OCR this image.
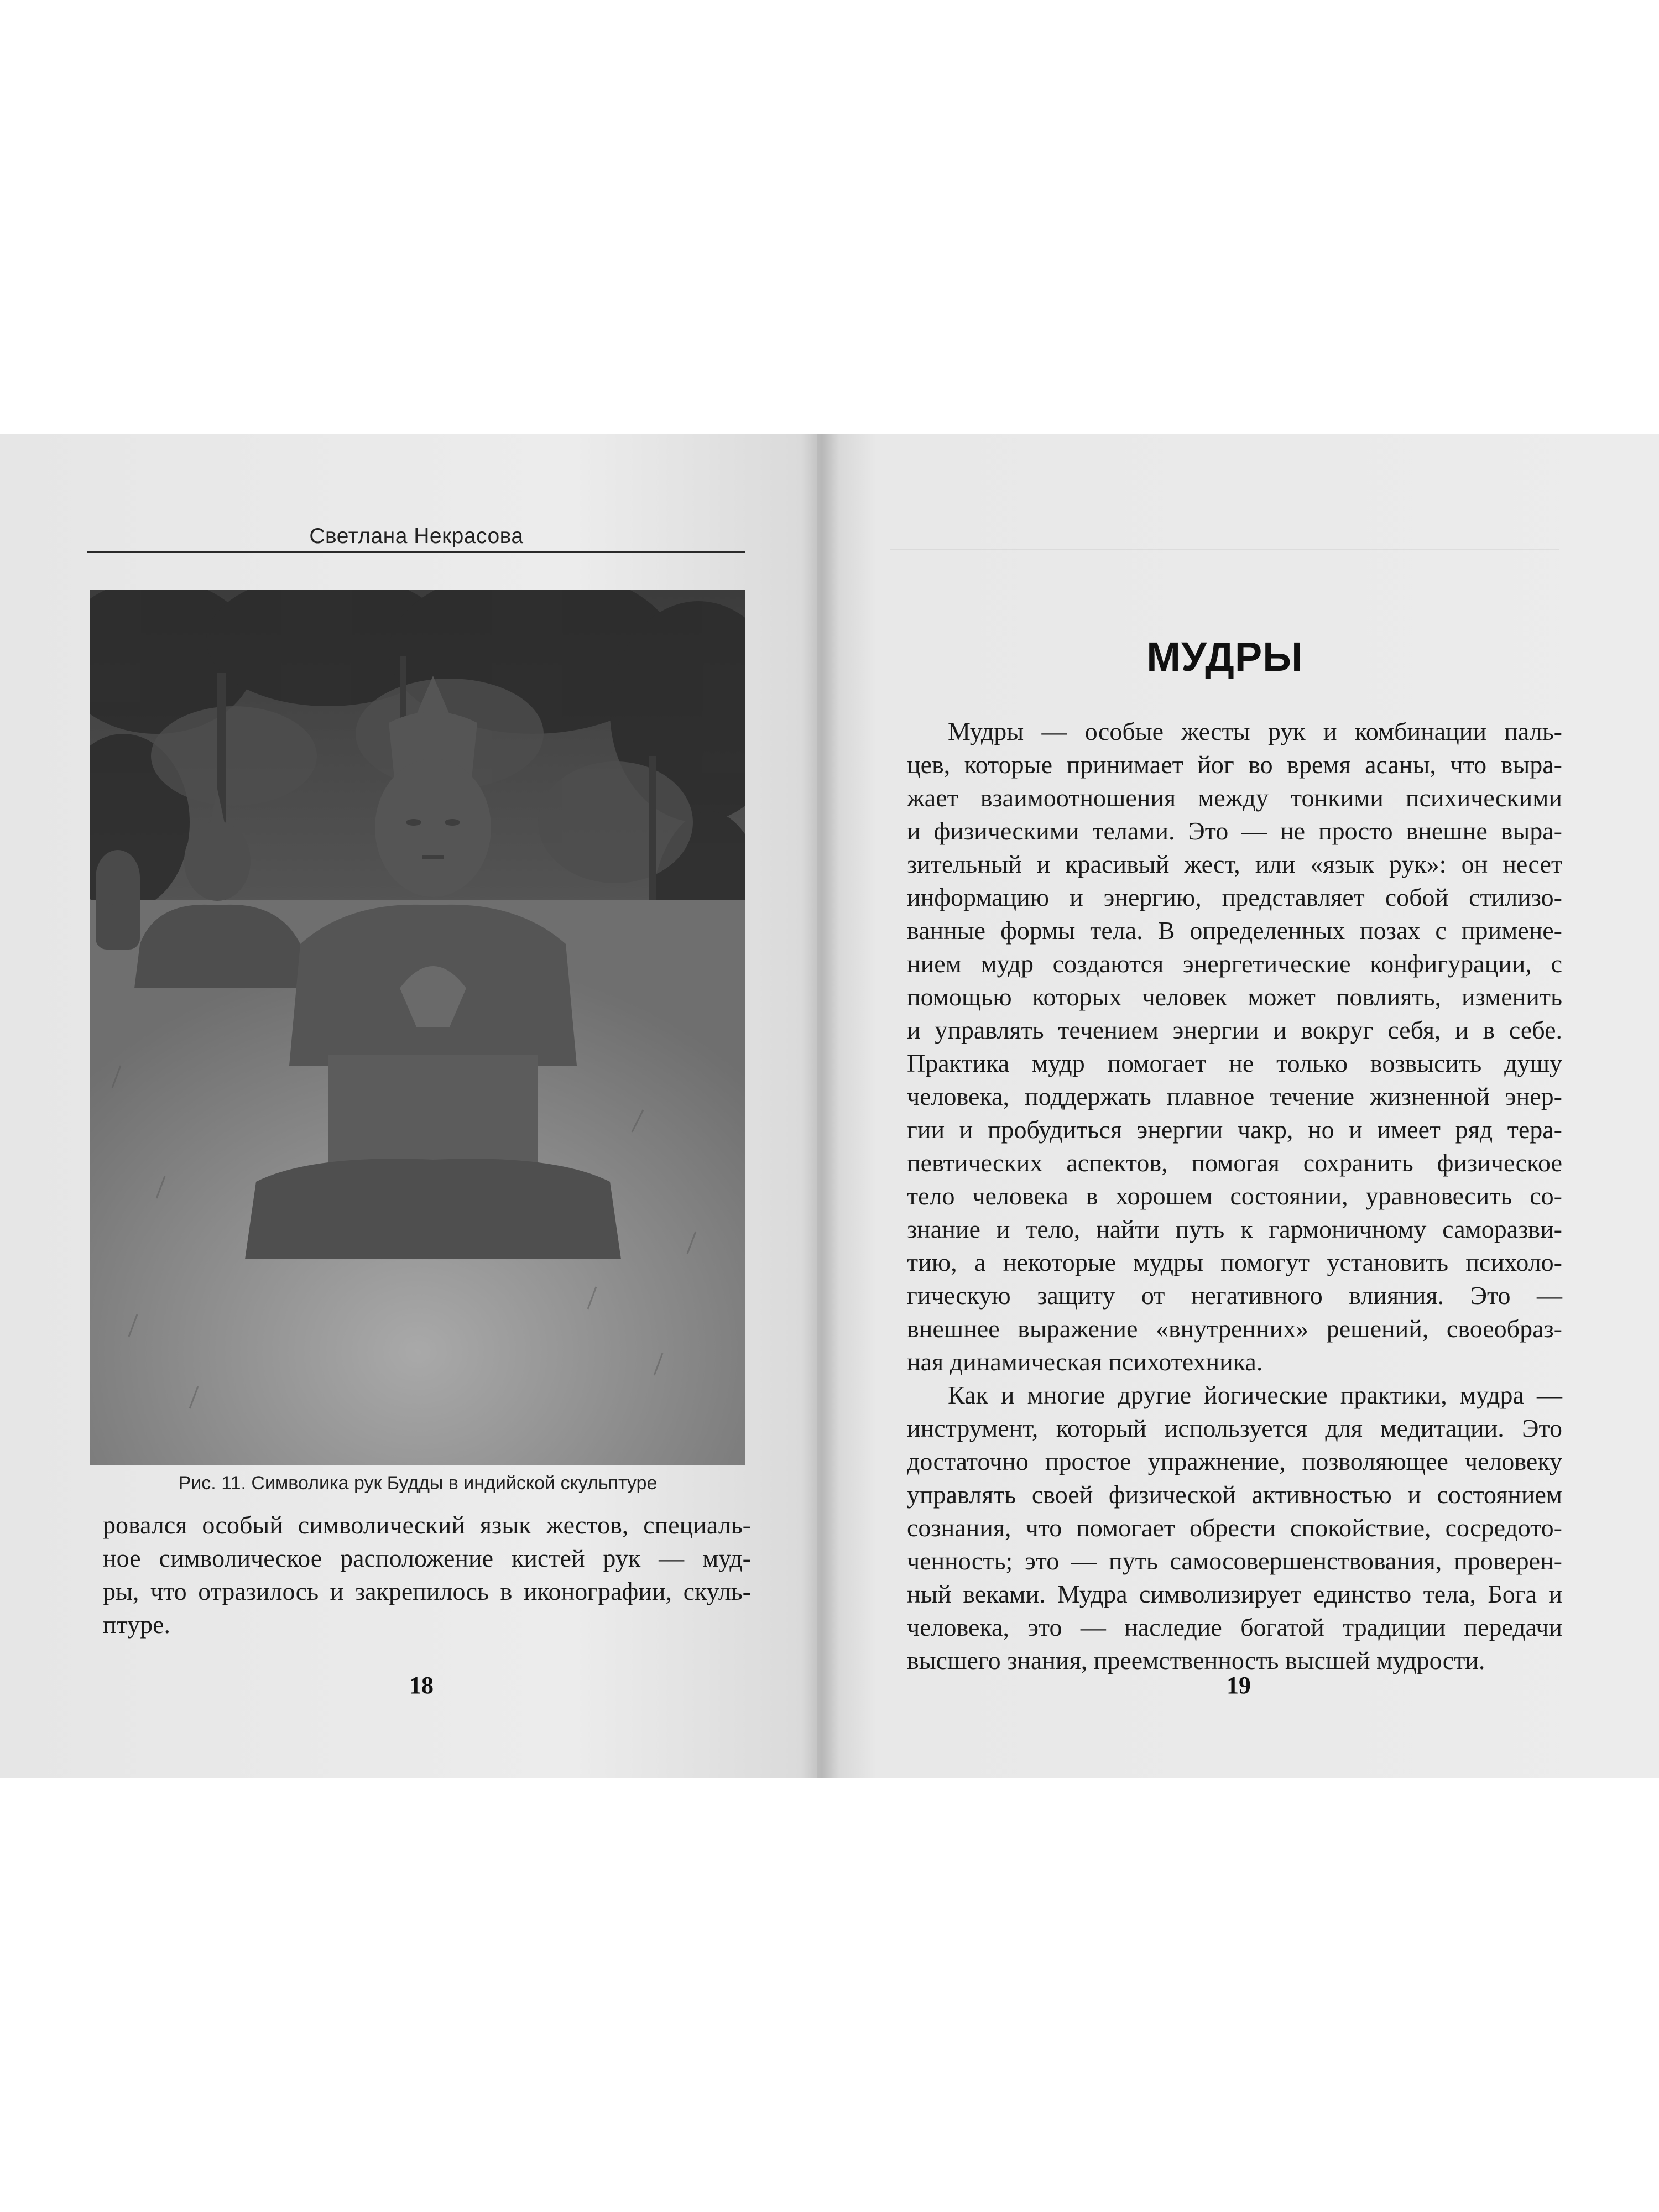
Светлана Некрасова
Рис. 11. Символика рук Будды в индийской скульптуре
ровался особый символический язык жестов, специаль-
ное символическое расположение кистей рук — муд-
ры, что отразилось и закрепилось в иконографии, скуль-
птуре.
18
МУДРЫ
Мудры — особые жесты рук и комбинации паль-
цев, которые принимает йог во время асаны, что выра-
жает взаимоотношения между тонкими психическими
и физическими телами. Это — не просто внешне выра-
зительный и красивый жест, или «язык рук»: он несет
информацию и энергию, представляет собой стилизо-
ванные формы тела. В определенных позах с примене-
нием мудр создаются энергетические конфигурации, с
помощью которых человек может повлиять, изменить
и управлять течением энергии и вокруг себя, и в себе.
Практика мудр помогает не только возвысить душу
человека, поддержать плавное течение жизненной энер-
гии и пробудиться энергии чакр, но и имеет ряд тера-
певтических аспектов, помогая сохранить физическое
тело человека в хорошем состоянии, уравновесить со-
знание и тело, найти путь к гармоничному саморазви-
тию, а некоторые мудры помогут установить психоло-
гическую защиту от негативного влияния. Это —
внешнее выражение «внутренних» решений, своеобраз-
ная динамическая психотехника.
Как и многие другие йогические практики, мудра —
инструмент, который используется для медитации. Это
достаточно простое упражнение, позволяющее человеку
управлять своей физической активностью и состоянием
сознания, что помогает обрести спокойствие, сосредото-
ченность; это — путь самосовершенствования, проверен-
ный веками. Мудра символизирует единство тела, Бога и
человека, это — наследие богатой традиции передачи
высшего знания, преемственность высшей мудрости.
19
